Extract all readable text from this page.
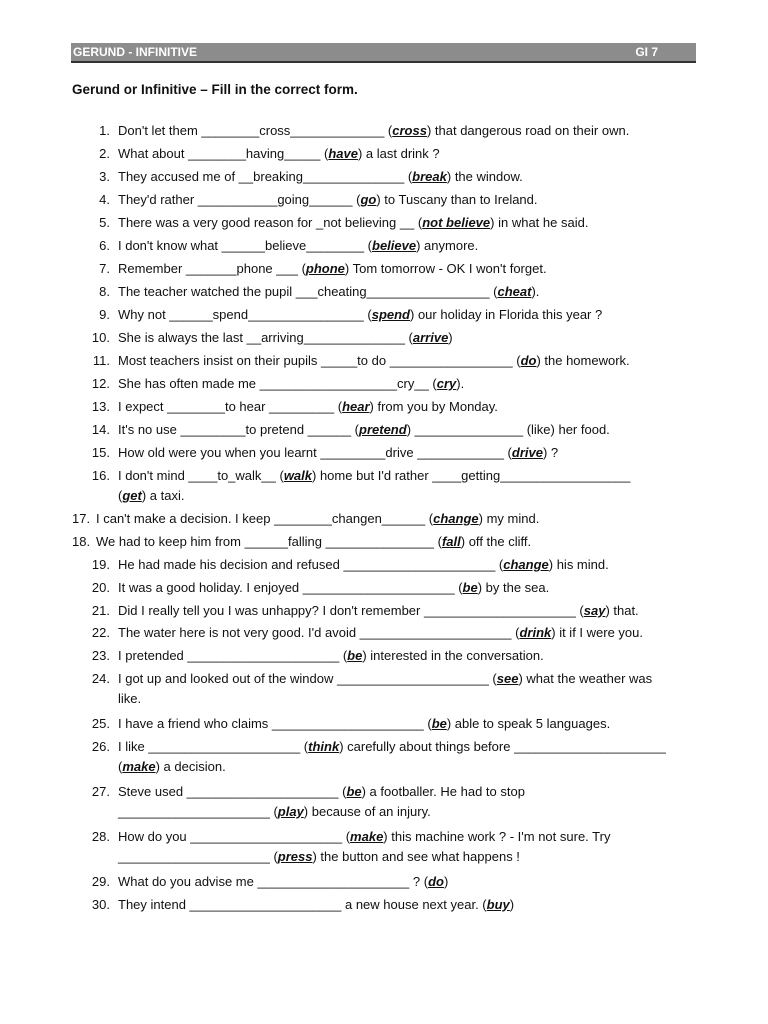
GERUND - INFINITIVE	GI 7
Gerund or Infinitive – Fill in the correct form.
1. Don't let them ________cross_____________ (cross) that dangerous road on their own.
2. What about ________having_____ (have) a last drink ?
3. They accused me of __breaking______________ (break) the window.
4. They'd rather ___________going______ (go) to Tuscany than to Ireland.
5. There was a very good reason for _not believing __ (not believe) in what he said.
6. I don't know what ______believe________ (believe) anymore.
7. Remember _______phone ___ (phone) Tom tomorrow - OK I won't forget.
8. The teacher watched the pupil ___cheating_________________ (cheat).
9. Why not ______spend________________ (spend) our holiday in Florida this year ?
10. She is always the last __arriving______________ (arrive)
11. Most teachers insist on their pupils _____to do _________________ (do) the homework.
12. She has often made me ___________________cry__ (cry).
13. I expect ________to hear _________ (hear) from you by Monday.
14. It's no use _________to pretend ______ (pretend) _______________ (like) her food.
15. How old were you when you learnt _________drive ____________ (drive) ?
16. I don't mind ____to_walk__ (walk) home but I'd rather ____getting__________________
(get) a taxi.
17. I can't make a decision. I keep ________changen______ (change) my mind.
18. We had to keep him from ______falling _______________ (fall) off the cliff.
19. He had made his decision and refused _____________________ (change) his mind.
20. It was a good holiday. I enjoyed _____________________ (be) by the sea.
21. Did I really tell you I was unhappy? I don't remember _____________________ (say) that.
22. The water here is not very good. I'd avoid _____________________ (drink) it if I were you.
23. I pretended _____________________ (be) interested in the conversation.
24. I got up and looked out of the window _____________________ (see) what the weather was
like.
25. I have a friend who claims _____________________ (be) able to speak 5 languages.
26. I like _____________________ (think) carefully about things before _____________________
(make) a decision.
27. Steve used _____________________ (be) a footballer. He had to stop
_____________________ (play) because of an injury.
28. How do you _____________________ (make) this machine work ? - I'm not sure. Try
_____________________ (press) the button and see what happens !
29. What do you advise me _____________________ ? (do)
30. They intend _____________________ a new house next year. (buy)
